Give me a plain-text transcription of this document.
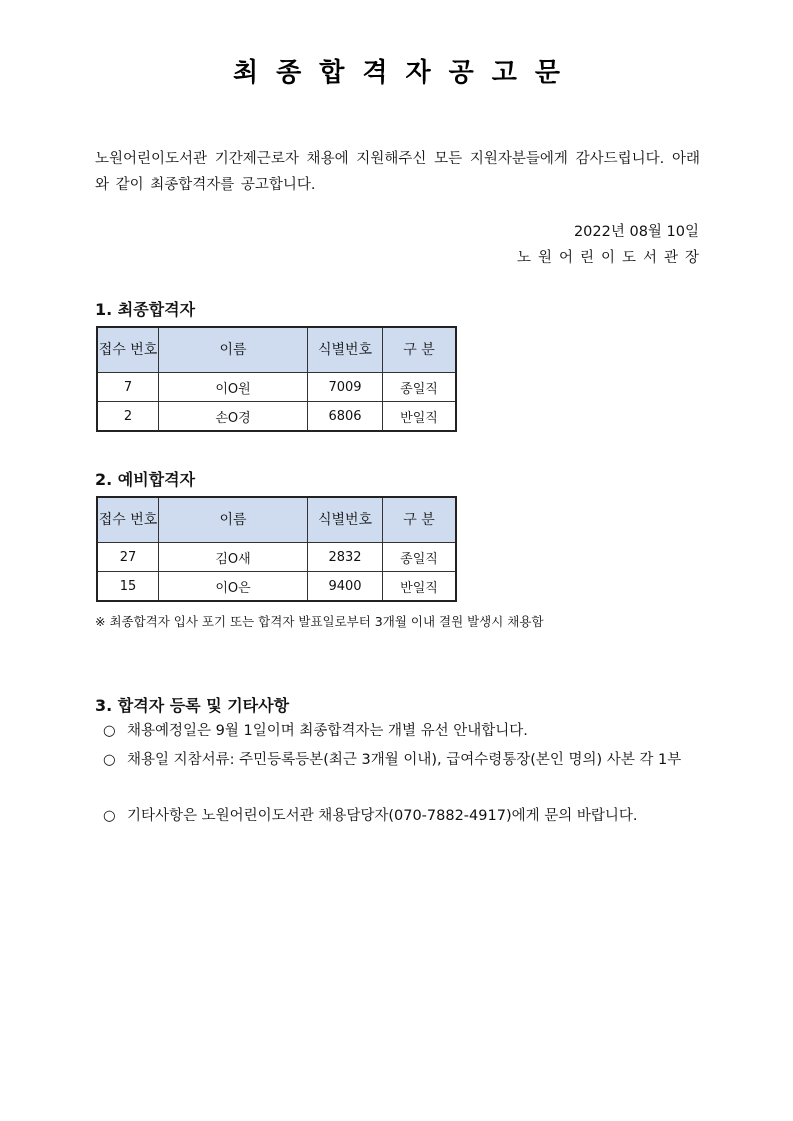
최종합격자공고문
노원어린이도서관 기간제근로자 채용에 지원해주신 모든 지원자분들에게 감사드립니다. 아래와 같이 최종합격자를 공고합니다.
2022년 08월 10일
노원어린이도서관장
1. 최종합격자
접수 번호	이름	식별번호	구 분
7	이O원	7009	종일직
2	손O경	6806	반일직
2. 예비합격자
접수 번호	이름	식별번호	구 분
27	김O새	2832	종일직
15	이O은	9400	반일직
※ 최종합격자 입사 포기 또는 합격자 발표일로부터 3개월 이내 결원 발생시 채용함
3. 합격자 등록 및 기타사항
○ 채용예정일은 9월 1일이며 최종합격자는 개별 유선 안내합니다.
○ 채용일 지참서류: 주민등록등본(최근 3개월 이내), 급여수령통장(본인 명의) 사본 각 1부
○ 기타사항은 노원어린이도서관 채용담당자(070-7882-4917)에게 문의 바랍니다.
